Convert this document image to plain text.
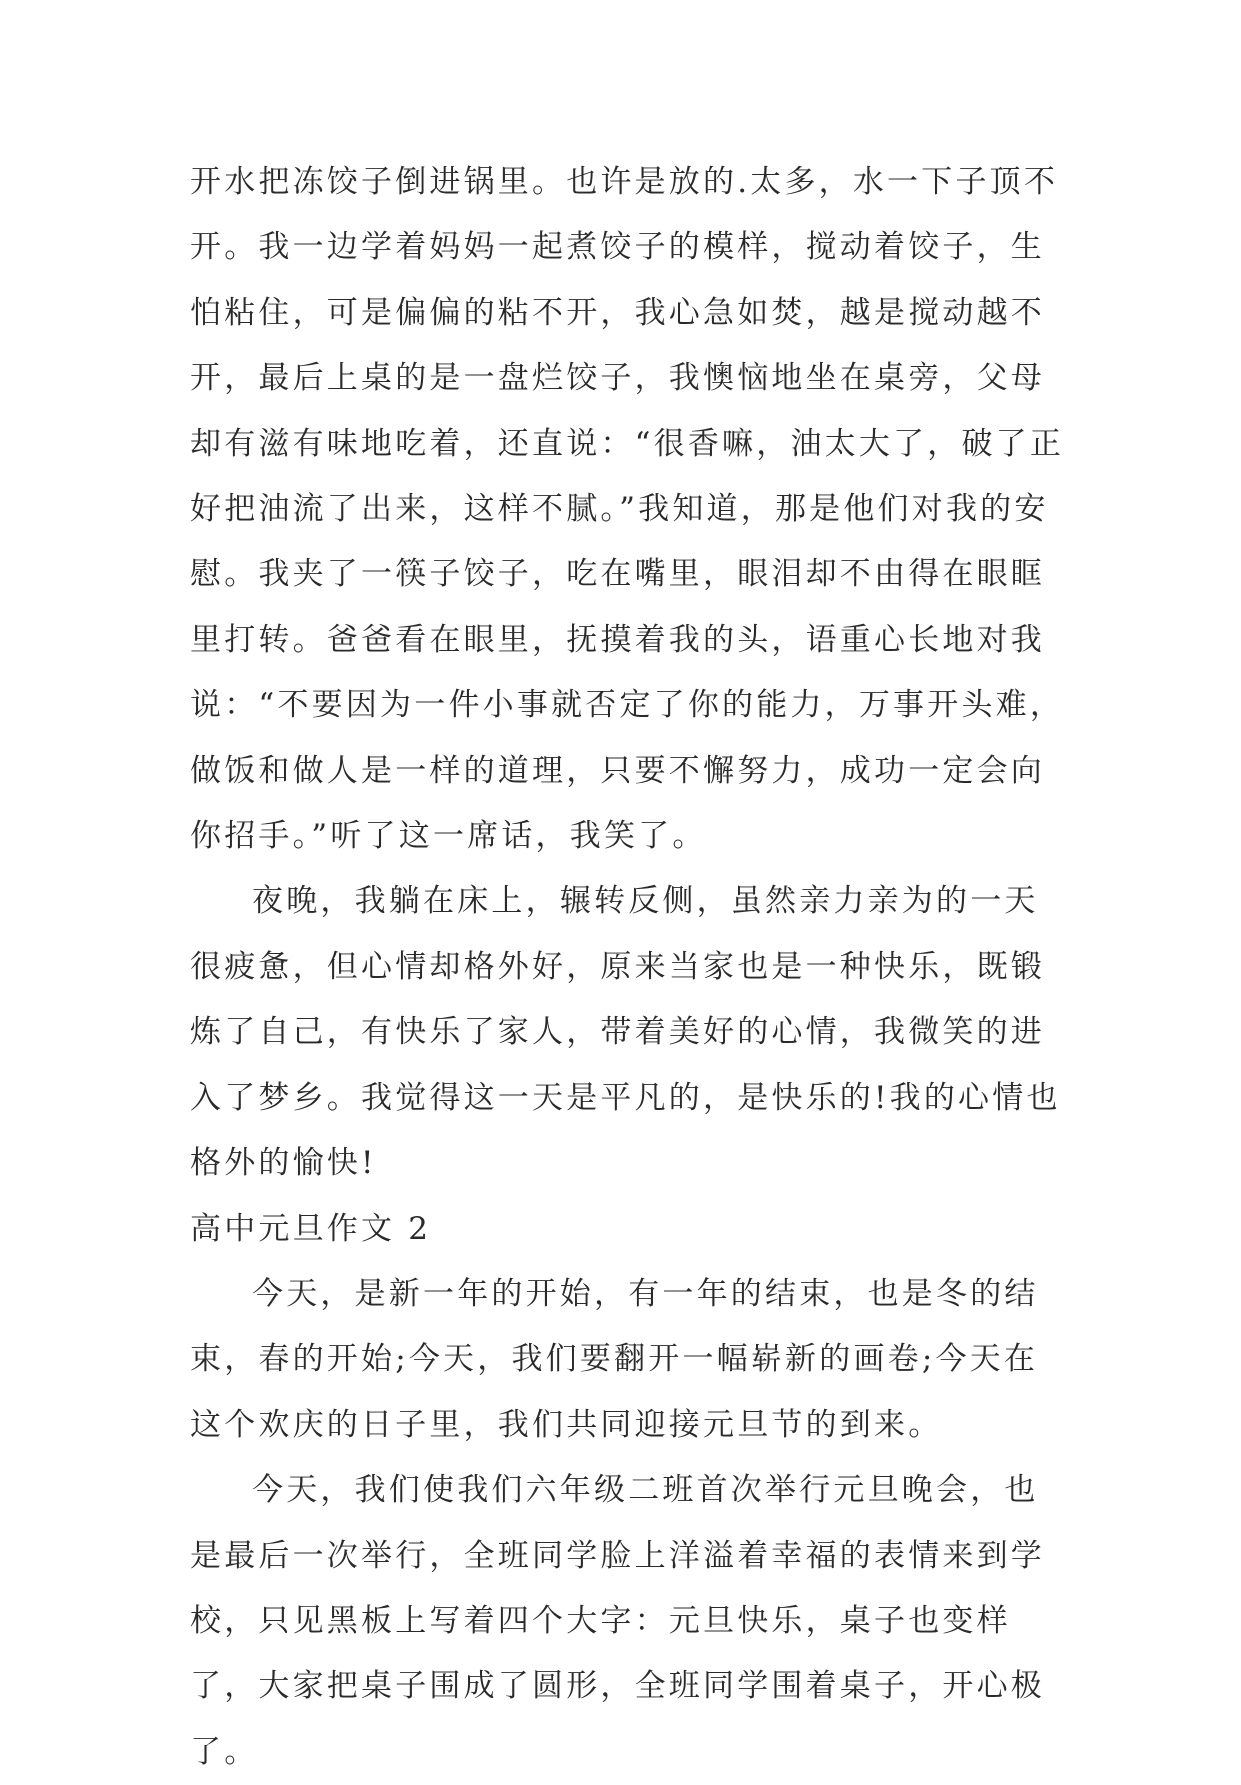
开水把冻饺子倒进锅里。也许是放的.太多，水一下子顶不开。我一边学着妈妈一起煮饺子的模样，搅动着饺子，生怕粘住，可是偏偏的粘不开，我心急如焚，越是搅动越不开，最后上桌的是一盘烂饺子，我懊恼地坐在桌旁，父母却有滋有味地吃着，还直说：“很香嘛，油太大了，破了正好把油流了出来，这样不腻。”我知道，那是他们对我的安慰。我夹了一筷子饺子，吃在嘴里，眼泪却不由得在眼眶里打转。爸爸看在眼里，抚摸着我的头，语重心长地对我说：“不要因为一件小事就否定了你的能力，万事开头难，做饭和做人是一样的道理，只要不懈努力，成功一定会向你招手。”听了这一席话，我笑了。

夜晚，我躺在床上，辗转反侧，虽然亲力亲为的一天很疲惫，但心情却格外好，原来当家也是一种快乐，既锻炼了自己，有快乐了家人，带着美好的心情，我微笑的进入了梦乡。我觉得这一天是平凡的，是快乐的!我的心情也格外的愉快!

高中元旦作文 2

今天，是新一年的开始，有一年的结束，也是冬的结束，春的开始;今天，我们要翻开一幅崭新的画卷;今天在这个欢庆的日子里，我们共同迎接元旦节的到来。

今天，我们使我们六年级二班首次举行元旦晚会，也是最后一次举行，全班同学脸上洋溢着幸福的表情来到学校，只见黑板上写着四个大字：元旦快乐，桌子也变样了，大家把桌子围成了圆形，全班同学围着桌子，开心极了。
